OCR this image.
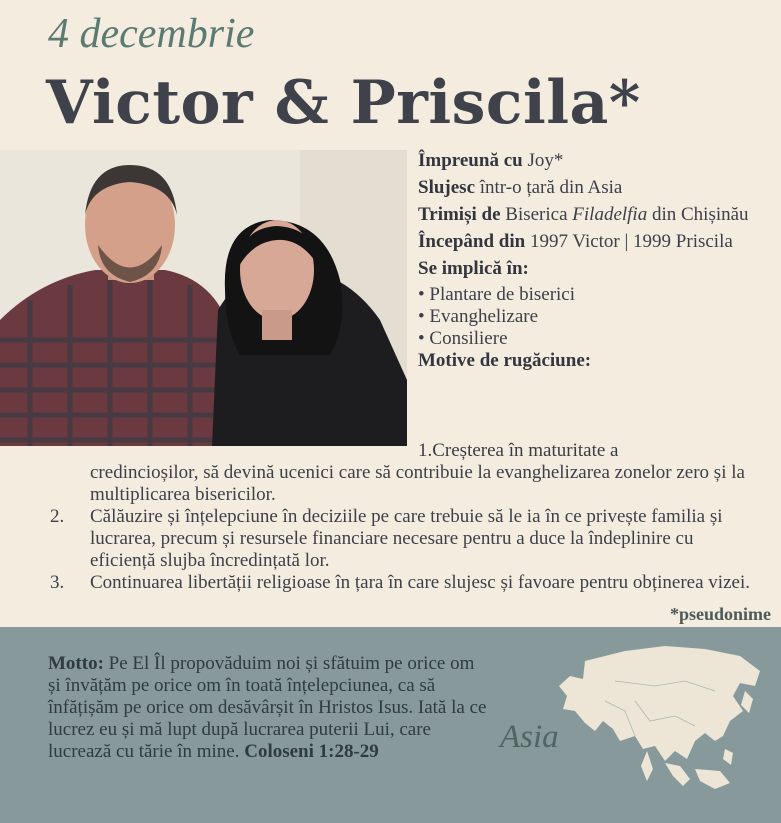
4 decembrie
Victor & Priscila*

Împreună cu Joy*

Slujesc într-o țară din Asia

Trimiși de Biserica Filadelfia din Chișinău

Începând din 1997 Victor | 1999 Priscila

Se implică în:

• Plantare de biserici
• Evanghelizare
• Consiliere

Motive de rugăciune:

1.Creșterea în maturitate a
credincioșilor, să devină ucenici care să contribuie la evanghelizarea zonelor zero și la multiplicarea bisericilor.
2. Călăuzire și înțelepciune în deciziile pe care trebuie să le ia în ce privește familia și lucrarea, precum și resursele financiare necesare pentru a duce la îndeplinire cu eficiență slujba încredințată lor.
3. Continuarea libertății religioase în țara în care slujesc și favoare pentru obținerea vizei.
*pseudonime
Motto: Pe El Îl propovăduim noi și sfătuim pe orice om și învățăm pe orice om în toată înțelepciunea, ca să înfățișăm pe orice om desăvârșit în Hristos Isus. Iată la ce lucrez eu și mă lupt după lucrarea puterii Lui, care lucrează cu tărie în mine. Coloseni 1:28-29	Asia
